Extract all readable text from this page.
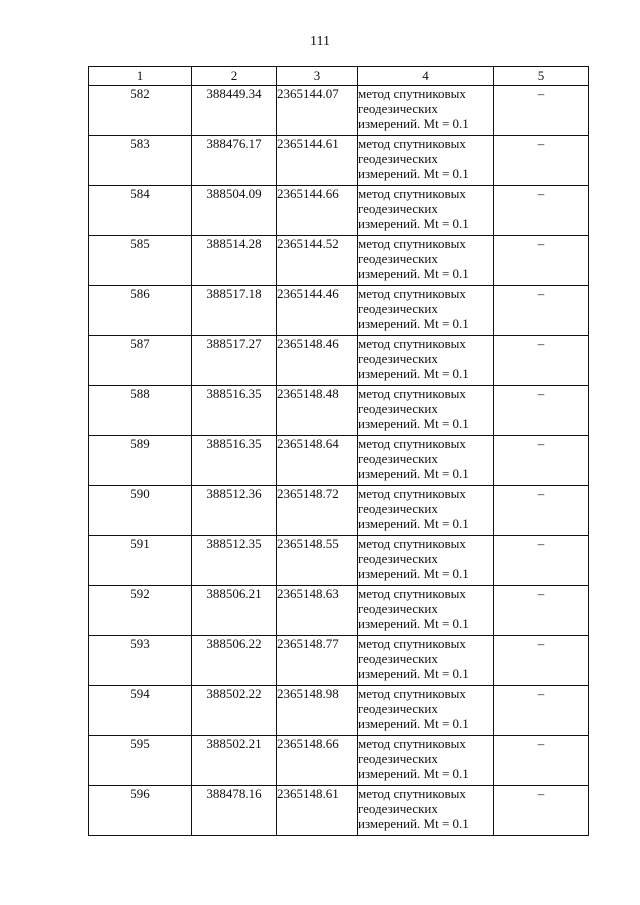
111
1	2	3	4	5
582	388449.34	2365144.07	метод спутниковых
геодезических
измерений. Mt = 0.1	–
583	388476.17	2365144.61	метод спутниковых
геодезических
измерений. Mt = 0.1	–
584	388504.09	2365144.66	метод спутниковых
геодезических
измерений. Mt = 0.1	–
585	388514.28	2365144.52	метод спутниковых
геодезических
измерений. Mt = 0.1	–
586	388517.18	2365144.46	метод спутниковых
геодезических
измерений. Mt = 0.1	–
587	388517.27	2365148.46	метод спутниковых
геодезических
измерений. Mt = 0.1	–
588	388516.35	2365148.48	метод спутниковых
геодезических
измерений. Mt = 0.1	–
589	388516.35	2365148.64	метод спутниковых
геодезических
измерений. Mt = 0.1	–
590	388512.36	2365148.72	метод спутниковых
геодезических
измерений. Mt = 0.1	–
591	388512.35	2365148.55	метод спутниковых
геодезических
измерений. Mt = 0.1	–
592	388506.21	2365148.63	метод спутниковых
геодезических
измерений. Mt = 0.1	–
593	388506.22	2365148.77	метод спутниковых
геодезических
измерений. Mt = 0.1	–
594	388502.22	2365148.98	метод спутниковых
геодезических
измерений. Mt = 0.1	–
595	388502.21	2365148.66	метод спутниковых
геодезических
измерений. Mt = 0.1	–
596	388478.16	2365148.61	метод спутниковых
геодезических
измерений. Mt = 0.1	–
